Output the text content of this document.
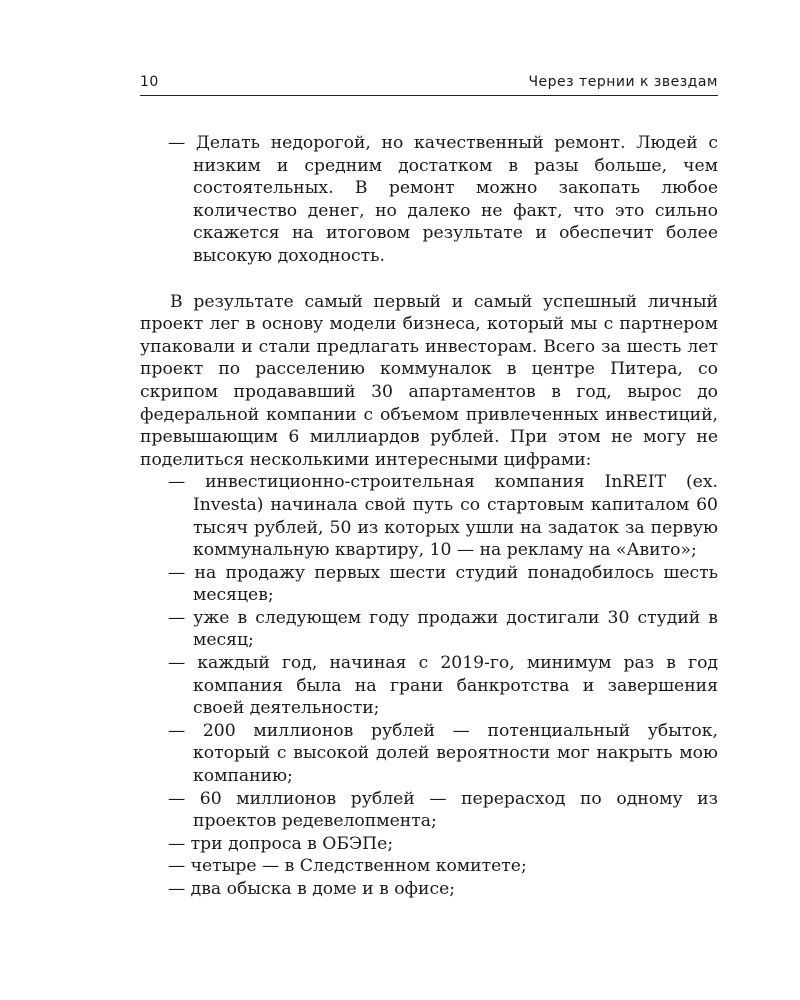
10	Через тернии к звездам

— Делать недорогой, но качественный ремонт. Людей с низким и средним достатком в разы больше, чем состоятельных. В ремонт можно закопать любое количество денег, но далеко не факт, что это сильно скажется на итоговом результате и обеспечит более высокую доходность.

В результате самый первый и самый успешный личный проект лег в основу модели бизнеса, который мы с партнером упаковали и стали предлагать инвесторам. Всего за шесть лет проект по расселению коммуналок в центре Питера, со скрипом продававший 30 апартаментов в год, вырос до федеральной компании с объемом привлеченных инвестиций, превышающим 6 миллиардов рублей. При этом не могу не поделиться несколькими интересными цифрами:

— инвестиционно-строительная компания InREIT (ex. Investa) начинала свой путь со стартовым капиталом 60 тысяч рублей, 50 из которых ушли на задаток за первую коммунальную квартиру, 10 — на рекламу на «Авито»;
— на продажу первых шести студий понадобилось шесть месяцев;
— уже в следующем году продажи достигали 30 студий в месяц;
— каждый год, начиная с 2019-го, минимум раз в год компания была на грани банкротства и завершения своей деятельности;
— 200 миллионов рублей — потенциальный убыток, который с высокой долей вероятности мог накрыть мою компанию;
— 60 миллионов рублей — перерасход по одному из проектов редевелопмента;
— три допроса в ОБЭПе;
— четыре — в Следственном комитете;
— два обыска в доме и в офисе;
